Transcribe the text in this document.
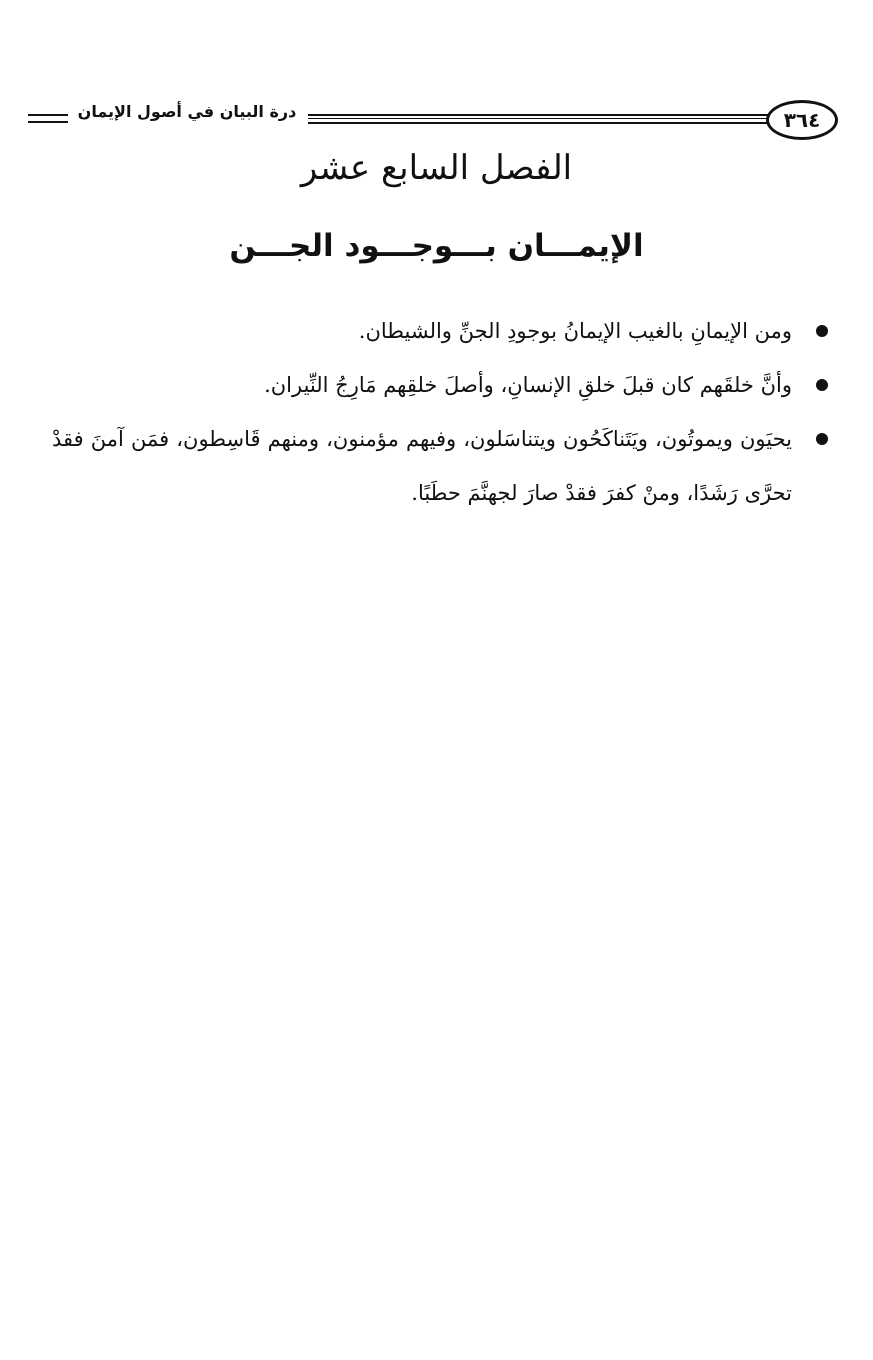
٣٦٤
درة البيان في أصول الإيمان
الفصل السابع عشر
الإيمـــان بـــوجـــود الجـــن
ومن الإيمانِ بالغيب الإيمانُ بوجودِ الجنِّ والشيطان.
وأنَّ خلقَهم كان قبلَ خلقِ الإنسانِ، وأصلَ خلقِهم مَارِجُ النِّيران.
يحيَون ويموتُون، ويَتَناكَحُون ويتناسَلون، وفيهم مؤمنون، ومنهم قَاسِطون، فمَن آمنَ فقدْ تحرَّى رَشَدًا، ومنْ كفرَ فقدْ صارَ لجهنَّمَ حطَبًا.
